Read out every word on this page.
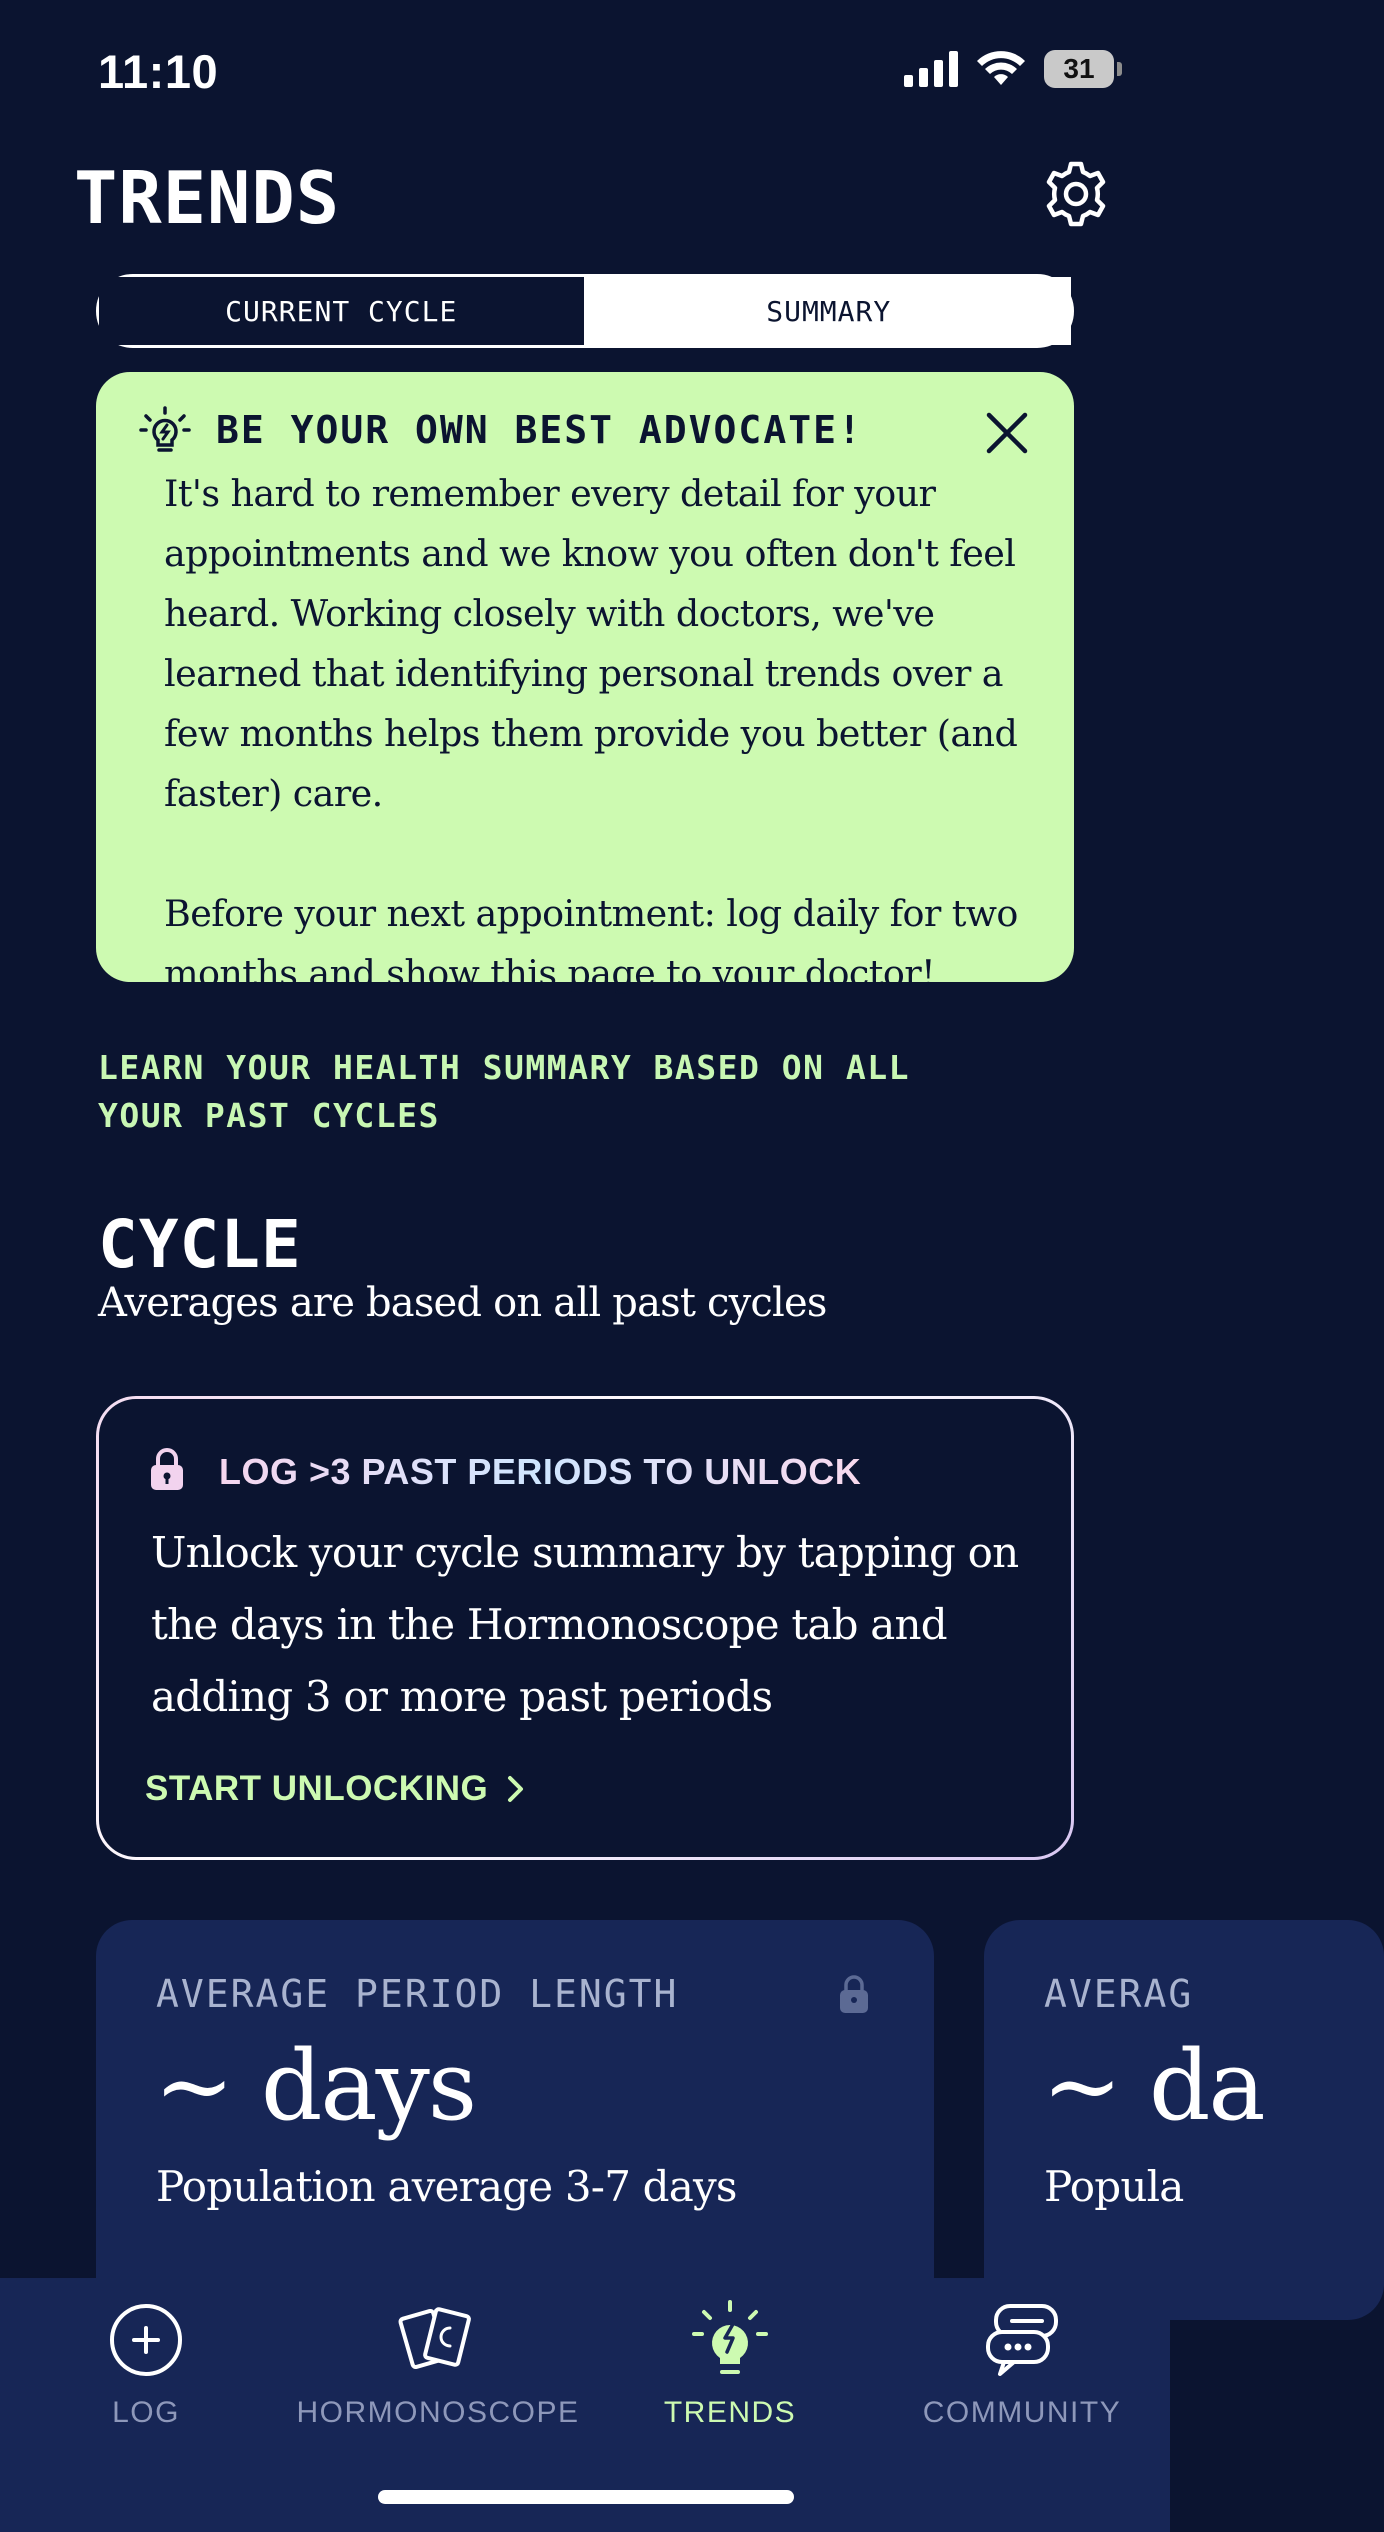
11:10	31
TRENDS
CURRENT CYCLE	SUMMARY
BE YOUR OWN BEST ADVOCATE!

It's hard to remember every detail for your appointments and we know you often don't feel heard. Working closely with doctors, we've learned that identifying personal trends over a few months helps them provide you better (and faster) care.

Before your next appointment: log daily for two months and show this page to your doctor!

LEARN YOUR HEALTH SUMMARY BASED ON ALL YOUR PAST CYCLES
CYCLE
Averages are based on all past cycles
LOG >3 PAST PERIODS TO UNLOCK
Unlock your cycle summary by tapping on the days in the Hormonoscope tab and adding 3 or more past periods
START UNLOCKING
AVERAGE PERIOD LENGTH
~ days
Population average 3-7 days
AVERAG
~ da
Popula
LOG	HORMONOSCOPE	TRENDS	COMMUNITY
